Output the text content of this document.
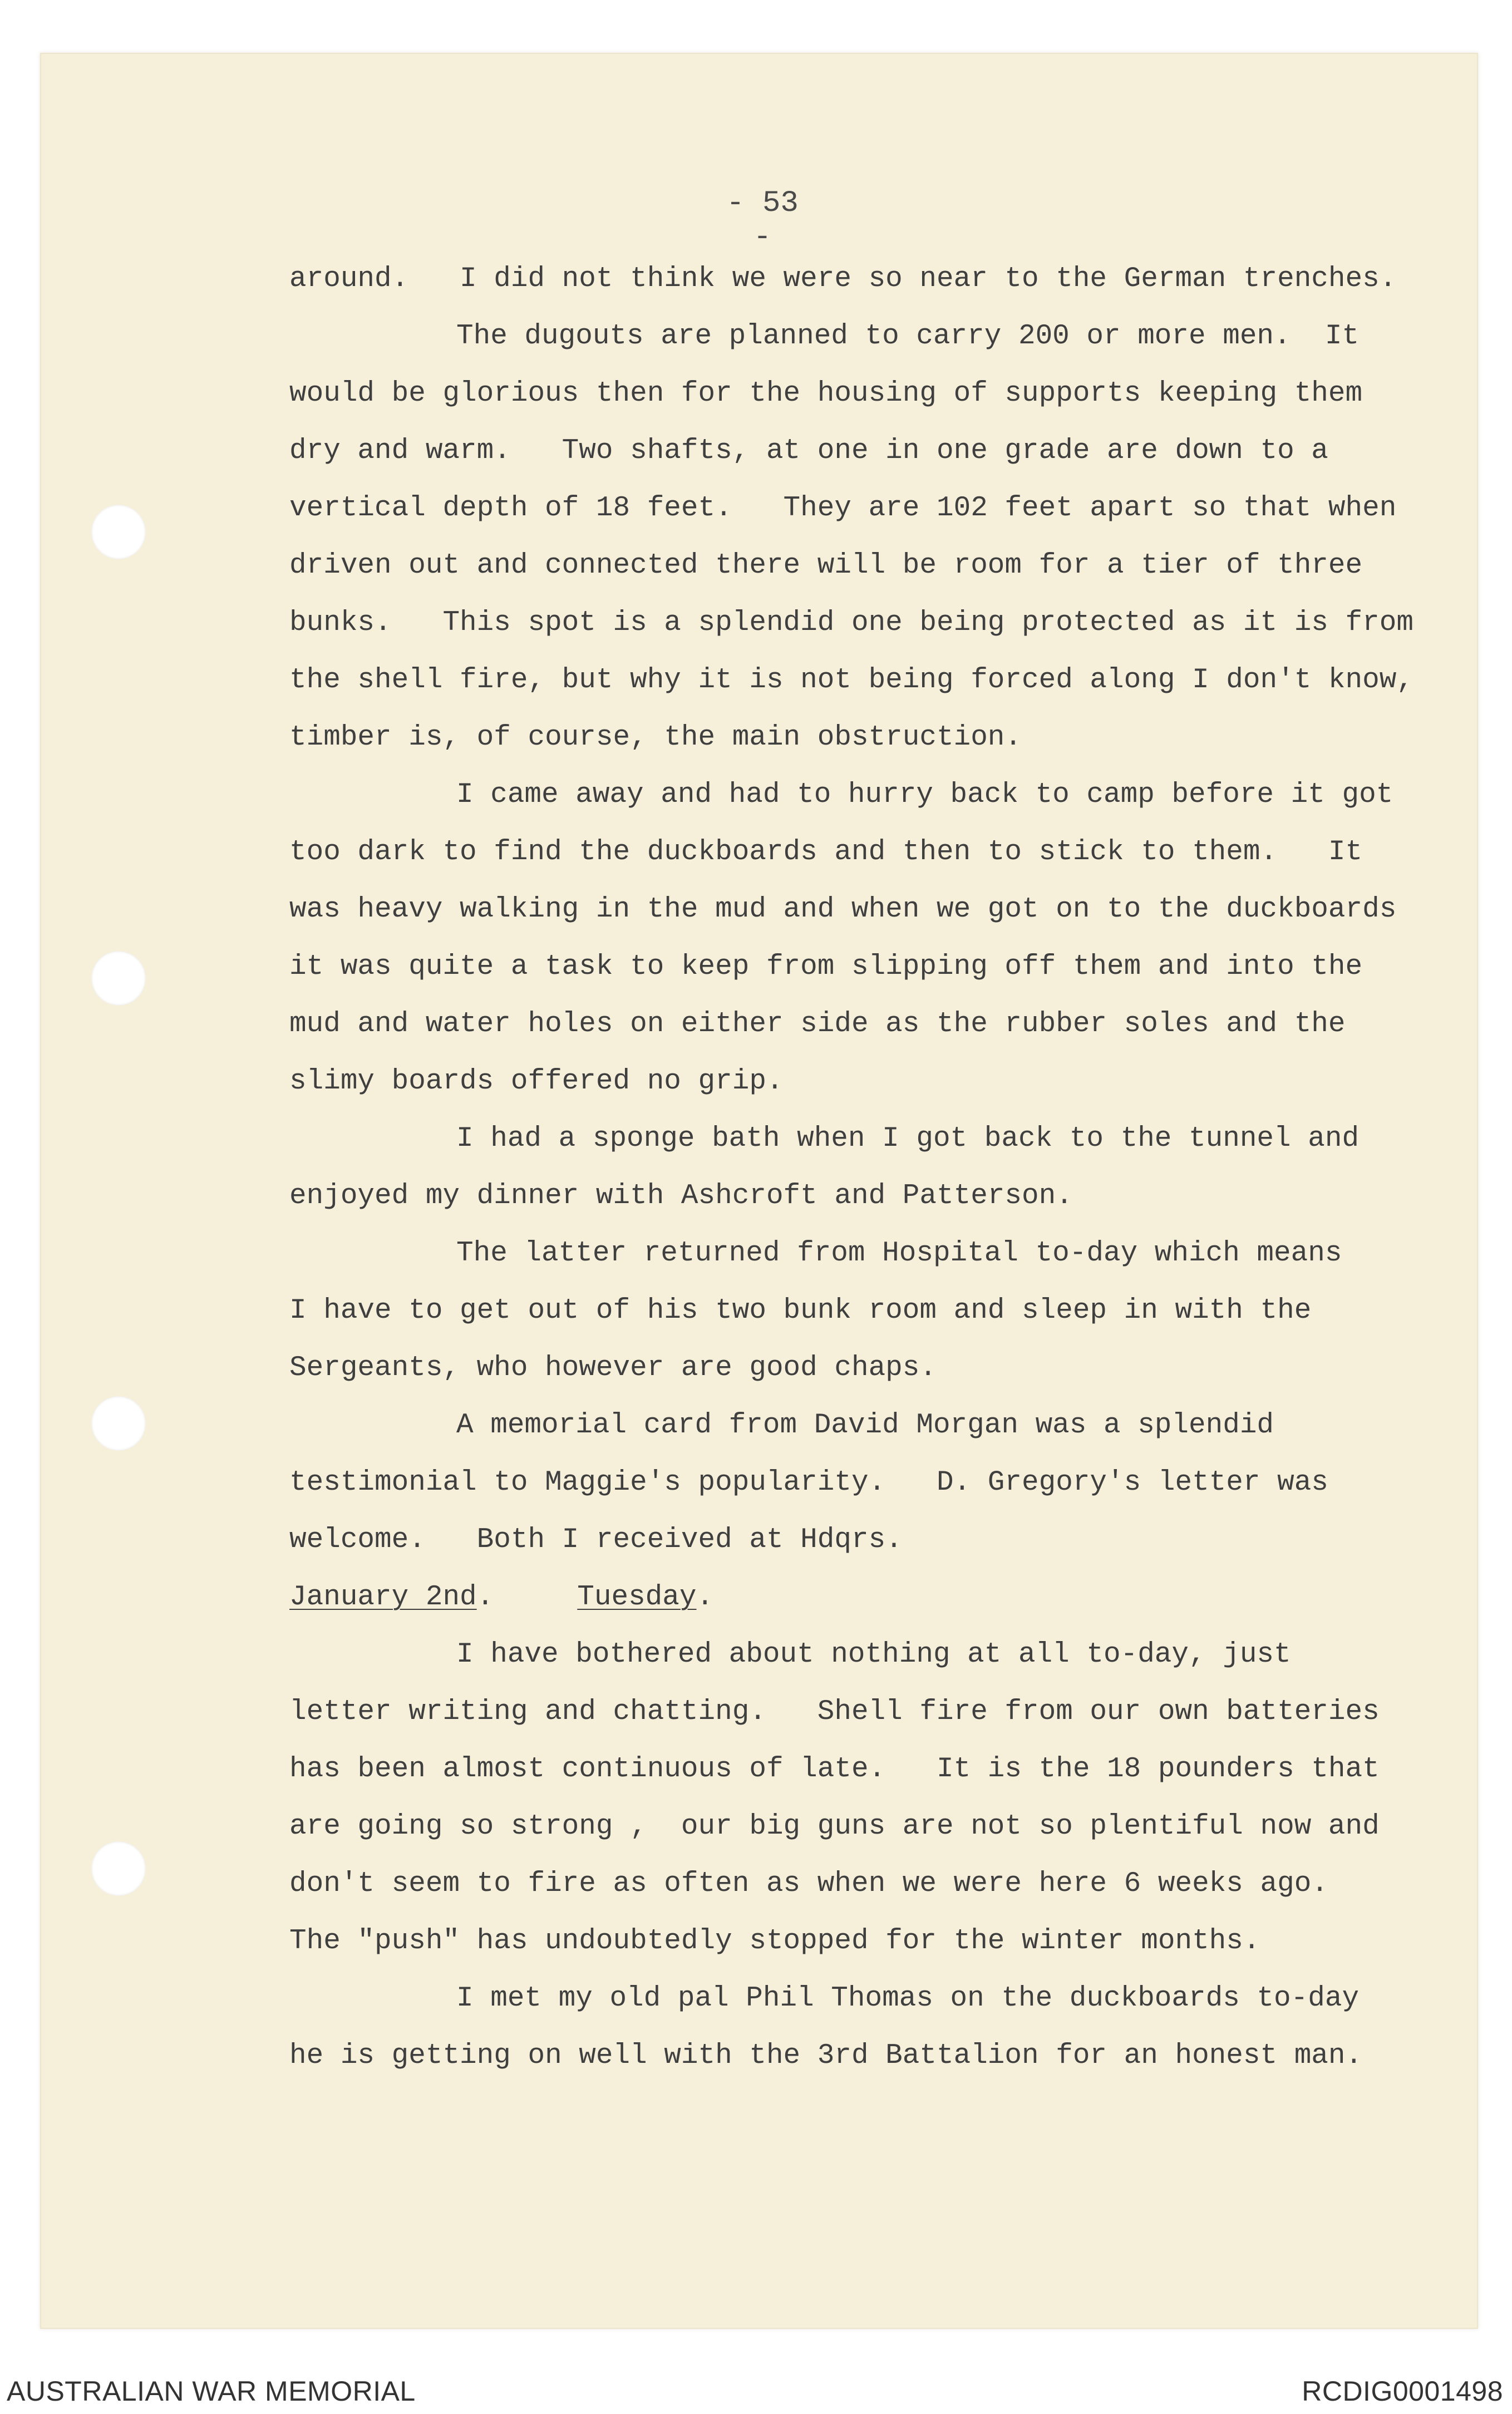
- 53 -
around.   I did not think we were so near to the German trenches.
The dugouts are planned to carry 200 or more men.  It
would be glorious then for the housing of supports keeping them
dry and warm.   Two shafts, at one in one grade are down to a
vertical depth of 18 feet.   They are 102 feet apart so that when
driven out and connected there will be room for a tier of three
bunks.   This spot is a splendid one being protected as it is from
the shell fire, but why it is not being forced along I don't know,
timber is, of course, the main obstruction.
I came away and had to hurry back to camp before it got
too dark to find the duckboards and then to stick to them.   It
was heavy walking in the mud and when we got on to the duckboards
it was quite a task to keep from slipping off them and into the
mud and water holes on either side as the rubber soles and the
slimy boards offered no grip.
I had a sponge bath when I got back to the tunnel and
enjoyed my dinner with Ashcroft and Patterson.
The latter returned from Hospital to-day which means
I have to get out of his two bunk room and sleep in with the
Sergeants, who however are good chaps.
A memorial card from David Morgan was a splendid
testimonial to Maggie's popularity.   D. Gregory's letter was
welcome.   Both I received at Hdqrs.
January 2nd.	Tuesday.
I have bothered about nothing at all to-day, just
letter writing and chatting.   Shell fire from our own batteries
has been almost continuous of late.   It is the 18 pounders that
are going so strong ,  our big guns are not so plentiful now and
don't seem to fire as often as when we were here 6 weeks ago.
The "push" has undoubtedly stopped for the winter months.
I met my old pal Phil Thomas on the duckboards to-day
he is getting on well with the 3rd Battalion for an honest man.
AUSTRALIAN WAR MEMORIAL	RCDIG0001498
